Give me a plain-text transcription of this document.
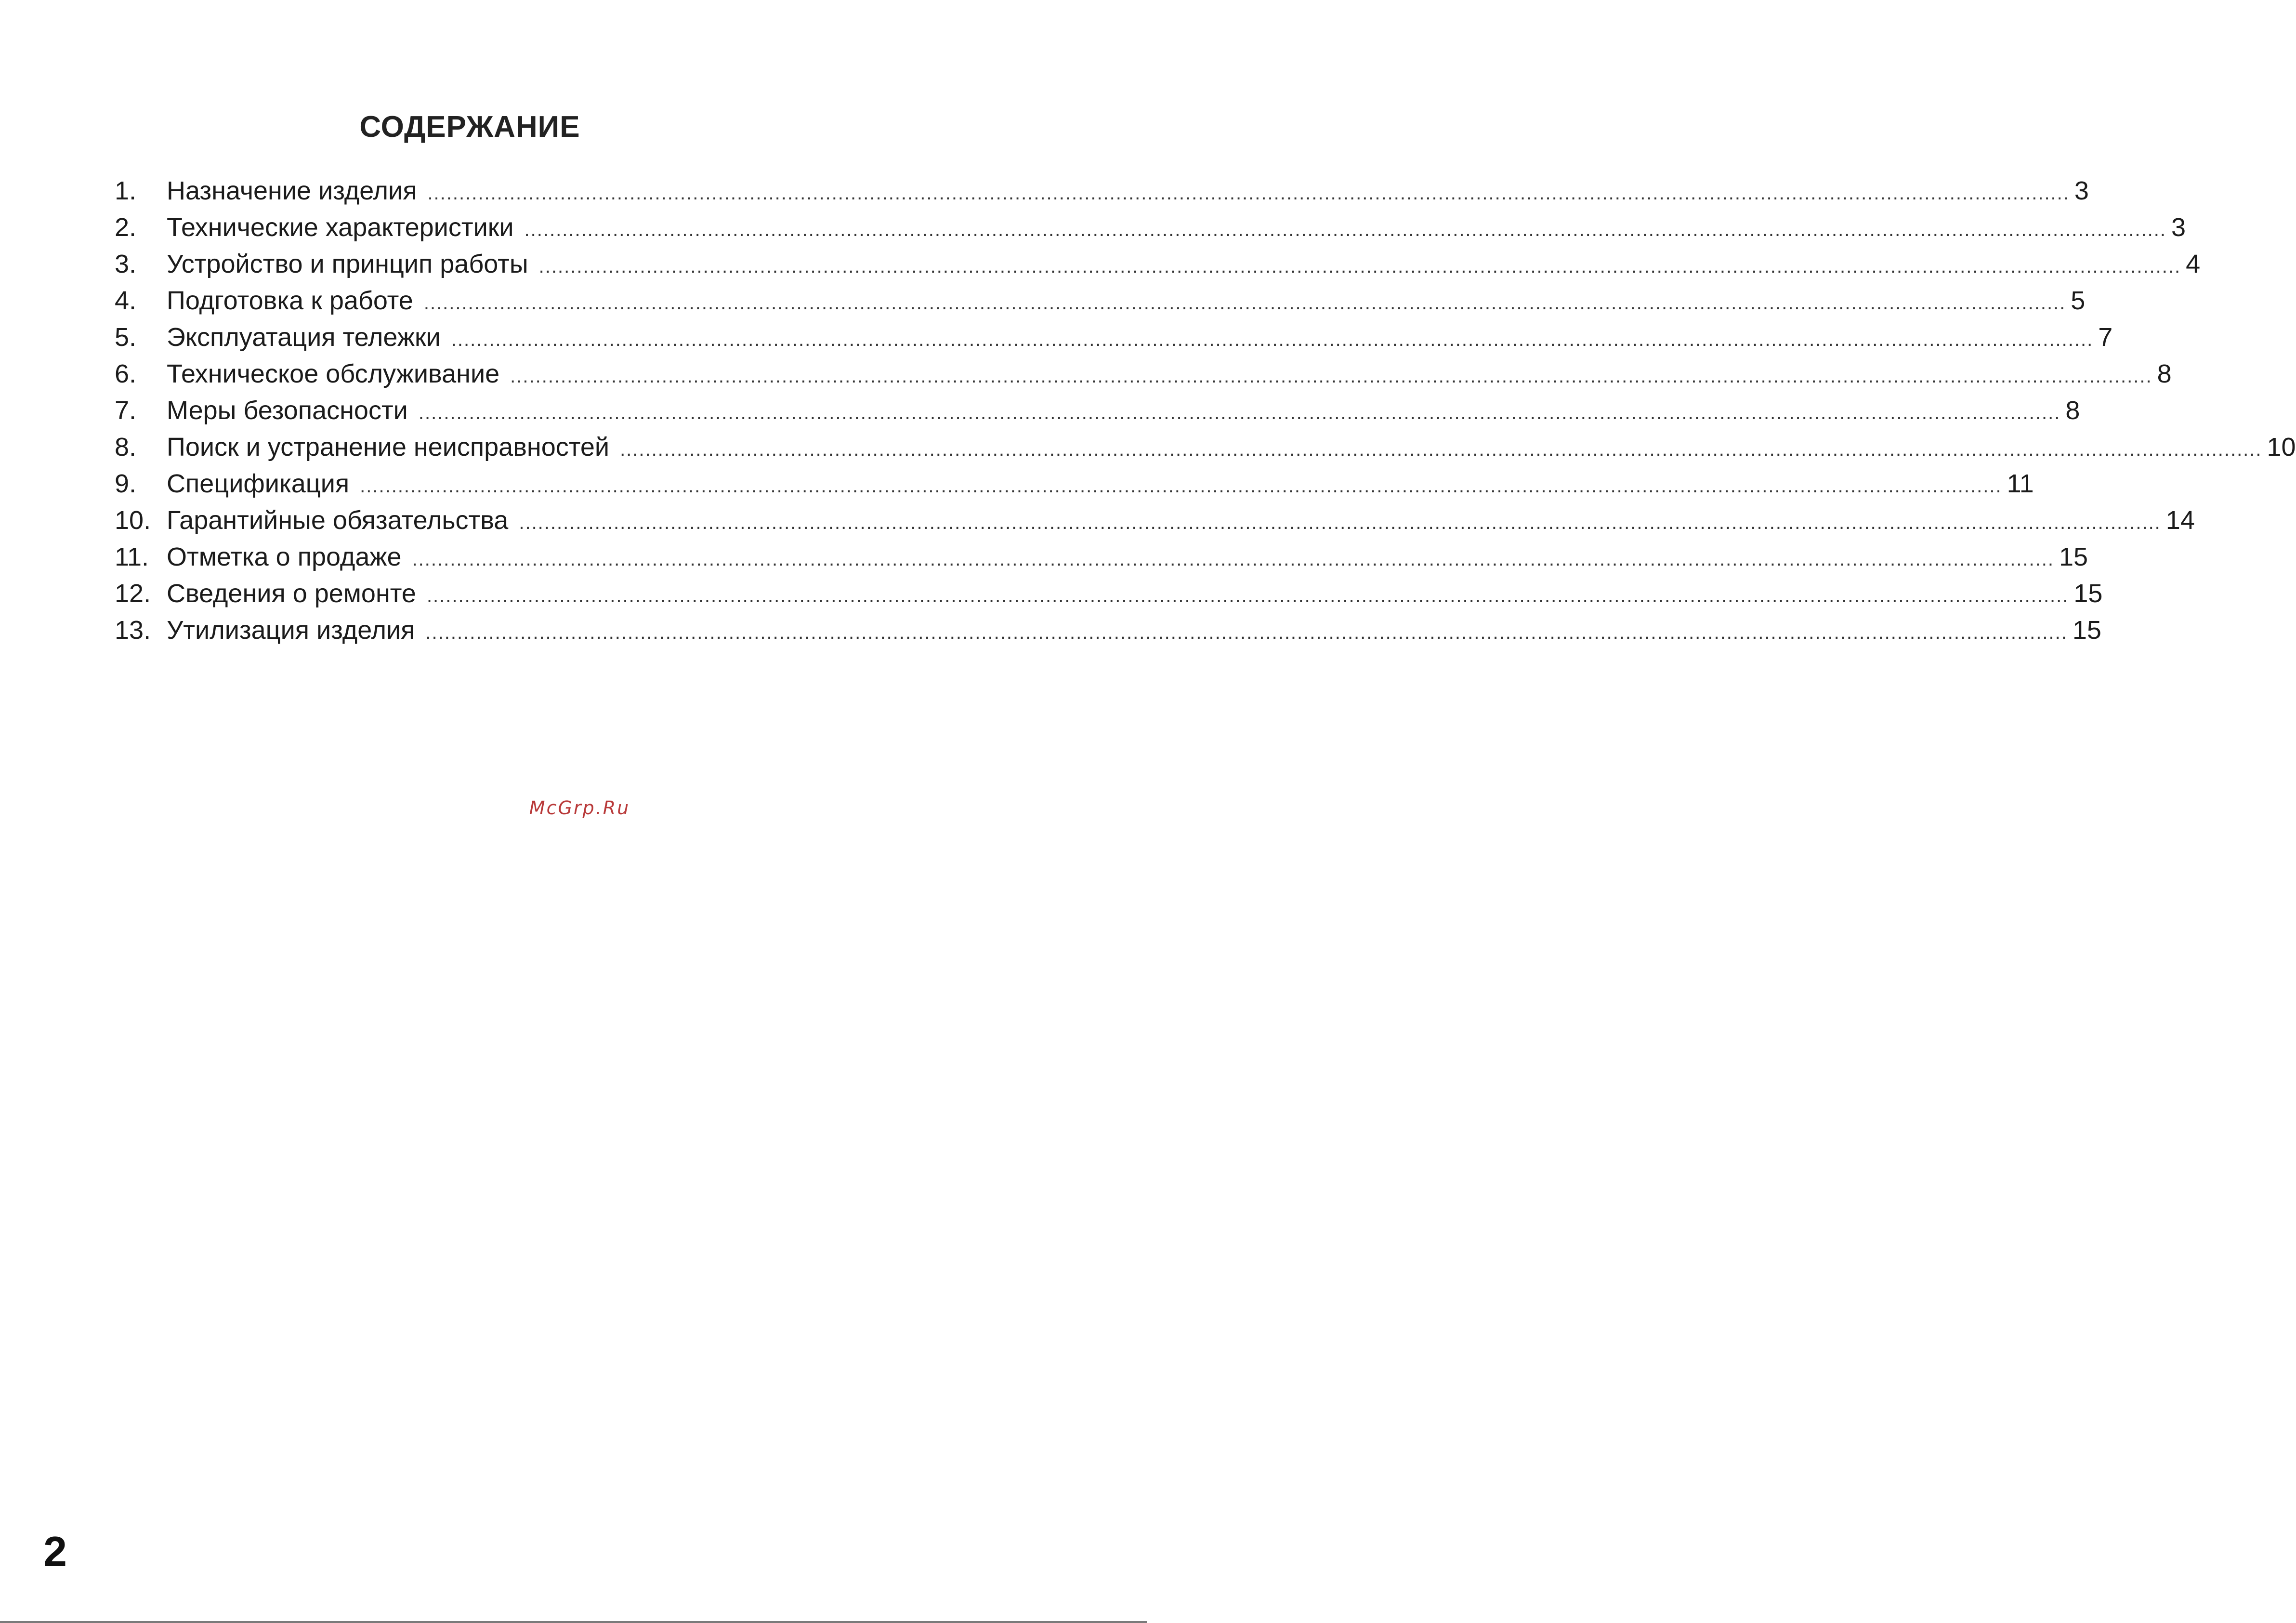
СОДЕРЖАНИЕ
1.	Назначение изделия .................................................................................................................................................................................................................................................................... 3
2.	Технические характеристики .................................................................................................................................................................................................................................................................... 3
3.	Устройство и принцип работы .................................................................................................................................................................................................................................................................... 4
4.	Подготовка к работе .................................................................................................................................................................................................................................................................... 5
5.	Эксплуатация тележки .................................................................................................................................................................................................................................................................... 7
6.	Техническое обслуживание .................................................................................................................................................................................................................................................................... 8
7.	Меры безопасности .................................................................................................................................................................................................................................................................... 8
8.	Поиск и устранение неисправностей .................................................................................................................................................................................................................................................................... 10
9.	Спецификация .................................................................................................................................................................................................................................................................... 11
10. Гарантийные обязательства .................................................................................................................................................................................................................................................................... 14
11. Отметка о продаже .................................................................................................................................................................................................................................................................... 15
12. Сведения о ремонте .................................................................................................................................................................................................................................................................... 15
13. Утилизация изделия .................................................................................................................................................................................................................................................................... 15
McGrp.Ru
2
